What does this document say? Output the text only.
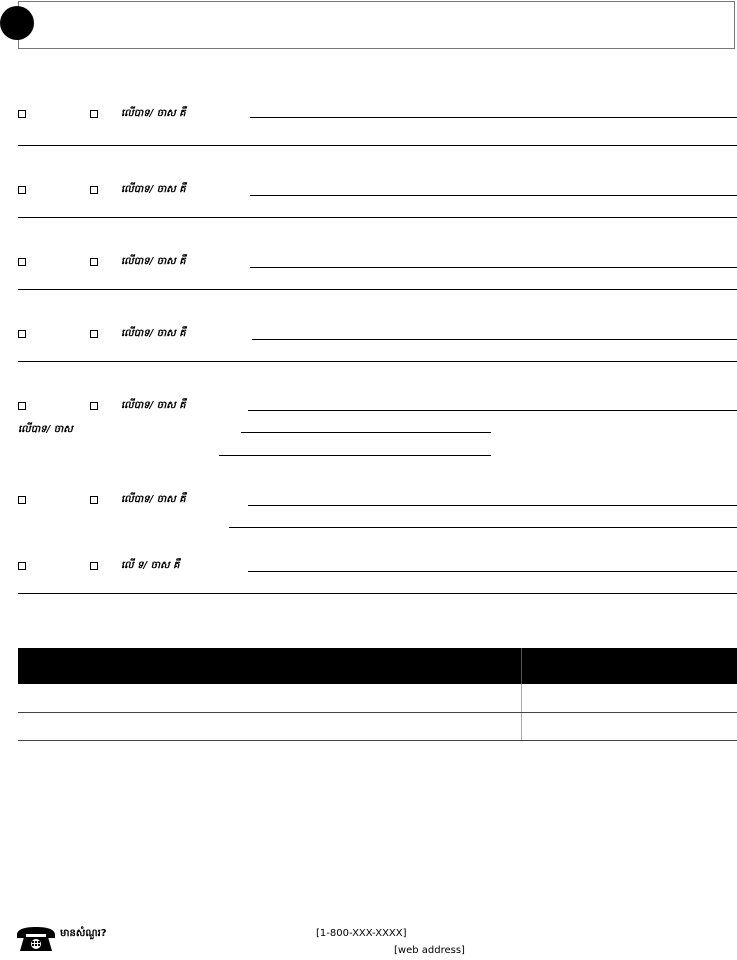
លើបាទ/ ចាស គឺ
លើបាទ/ ចាស គឺ
លើបាទ/ ចាស គឺ
លើបាទ/ ចាស គឺ
លើបាទ/ ចាស គឺ
លើបាទ/ ចាស
លើបាទ/ ចាស គឺ
លើ ទ/ ចាស គឺ
មានសំណួរ?	[1-800-XXX-XXXX]
[web address]
